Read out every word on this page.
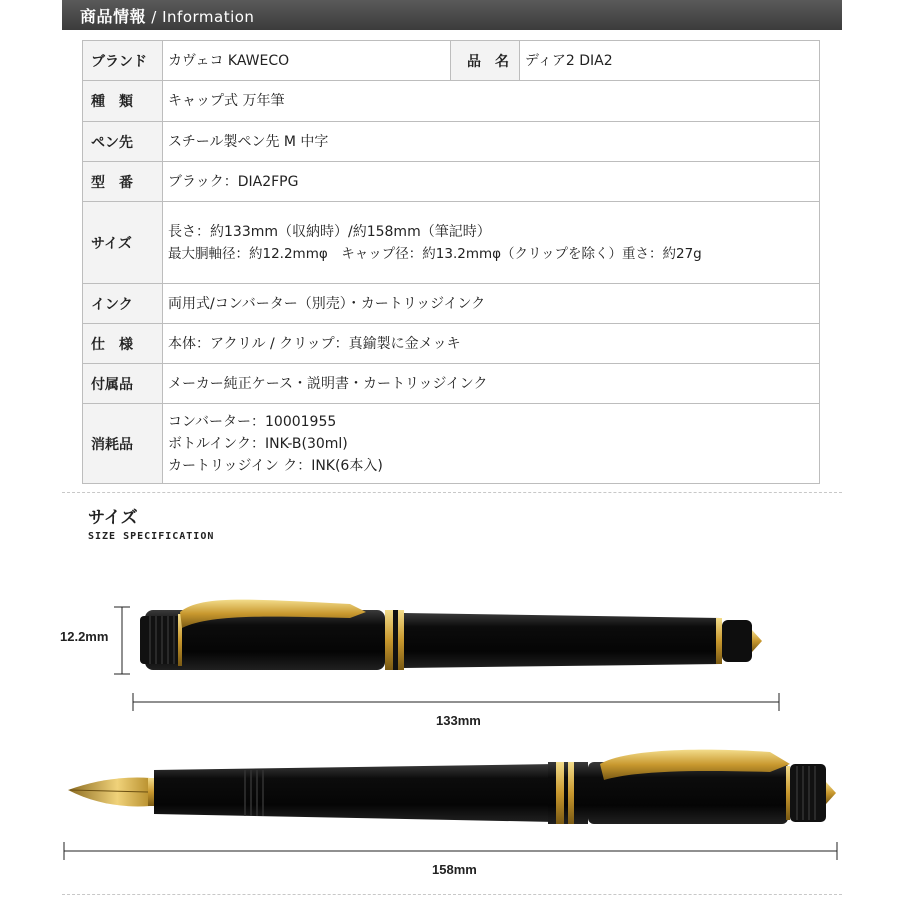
商品情報 / Information
ブランド	カヴェコ KAWECO	品　名	ディア2 DIA2
種　類	キャップ式 万年筆		
ペン先	スチール製ペン先 M 中字		
型　番	ブラック：DIA2FPG		
サイズ	長さ：約133mm（収納時）/約158mm（筆記時）
最大胴軸径：約12.2mmφ　キャップ径：約13.2mmφ（クリップを除く）重さ：約27g		

インク	両用式/コンバーター（別売）・カートリッジインク		
仕　様	本体：アクリル / クリップ：真鍮製に金メッキ		
付属品	メーカー純正ケース・説明書・カートリッジインク		
消耗品	コンバーター：10001955
ボトルインク：INK-B(30ml)
カートリッジイン ク：INK(6本入)		
サイズ
SIZE SPECIFICATION
12.2mm
133mm
158mm
